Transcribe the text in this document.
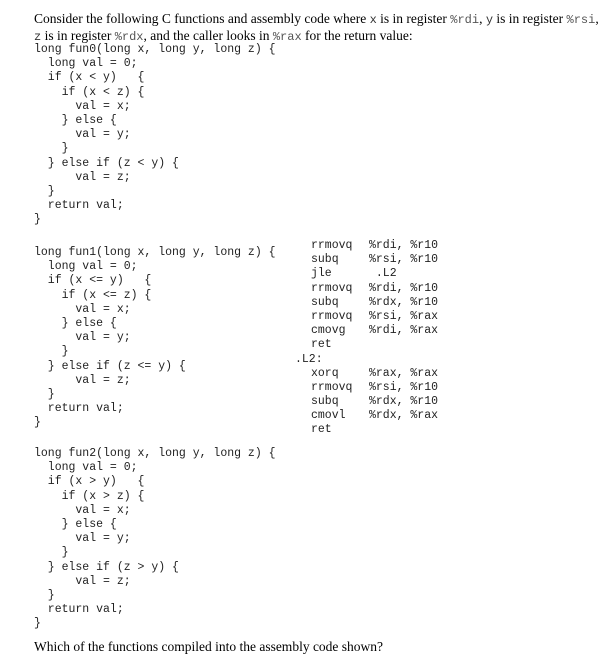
Consider the following C functions and assembly code where x is in register %rdi, y is in register %rsi,
z is in register %rdx, and the caller looks in %rax for the return value:
long fun0(long x, long y, long z) {
long val = 0;
if (x < y)   {
if (x < z) {
val = x;
} else {
val = y;
}
} else if (z < y) {
val = z;
}
return val;
}
long fun1(long x, long y, long z) {
long val = 0;
if (x <= y)   {
if (x <= z) {
val = x;
} else {
val = y;
}
} else if (z <= y) {
val = z;
}
return val;
}
long fun2(long x, long y, long z) {
long val = 0;
if (x > y)   {
if (x > z) {
val = x;
} else {
val = y;
}
} else if (z > y) {
val = z;
}
return val;
}
rrmovq %rdi, %r10
subq	%rsi, %r10
jle	.L2
rrmovq %rdi, %r10
subq	%rdx, %r10
rrmovq %rsi, %rax
cmovg %rdi, %rax
ret
.L2:
xorq	%rax, %rax
rrmovq %rsi, %r10
subq	%rdx, %r10
cmovl %rdx, %rax
ret
Which of the functions compiled into the assembly code shown?
